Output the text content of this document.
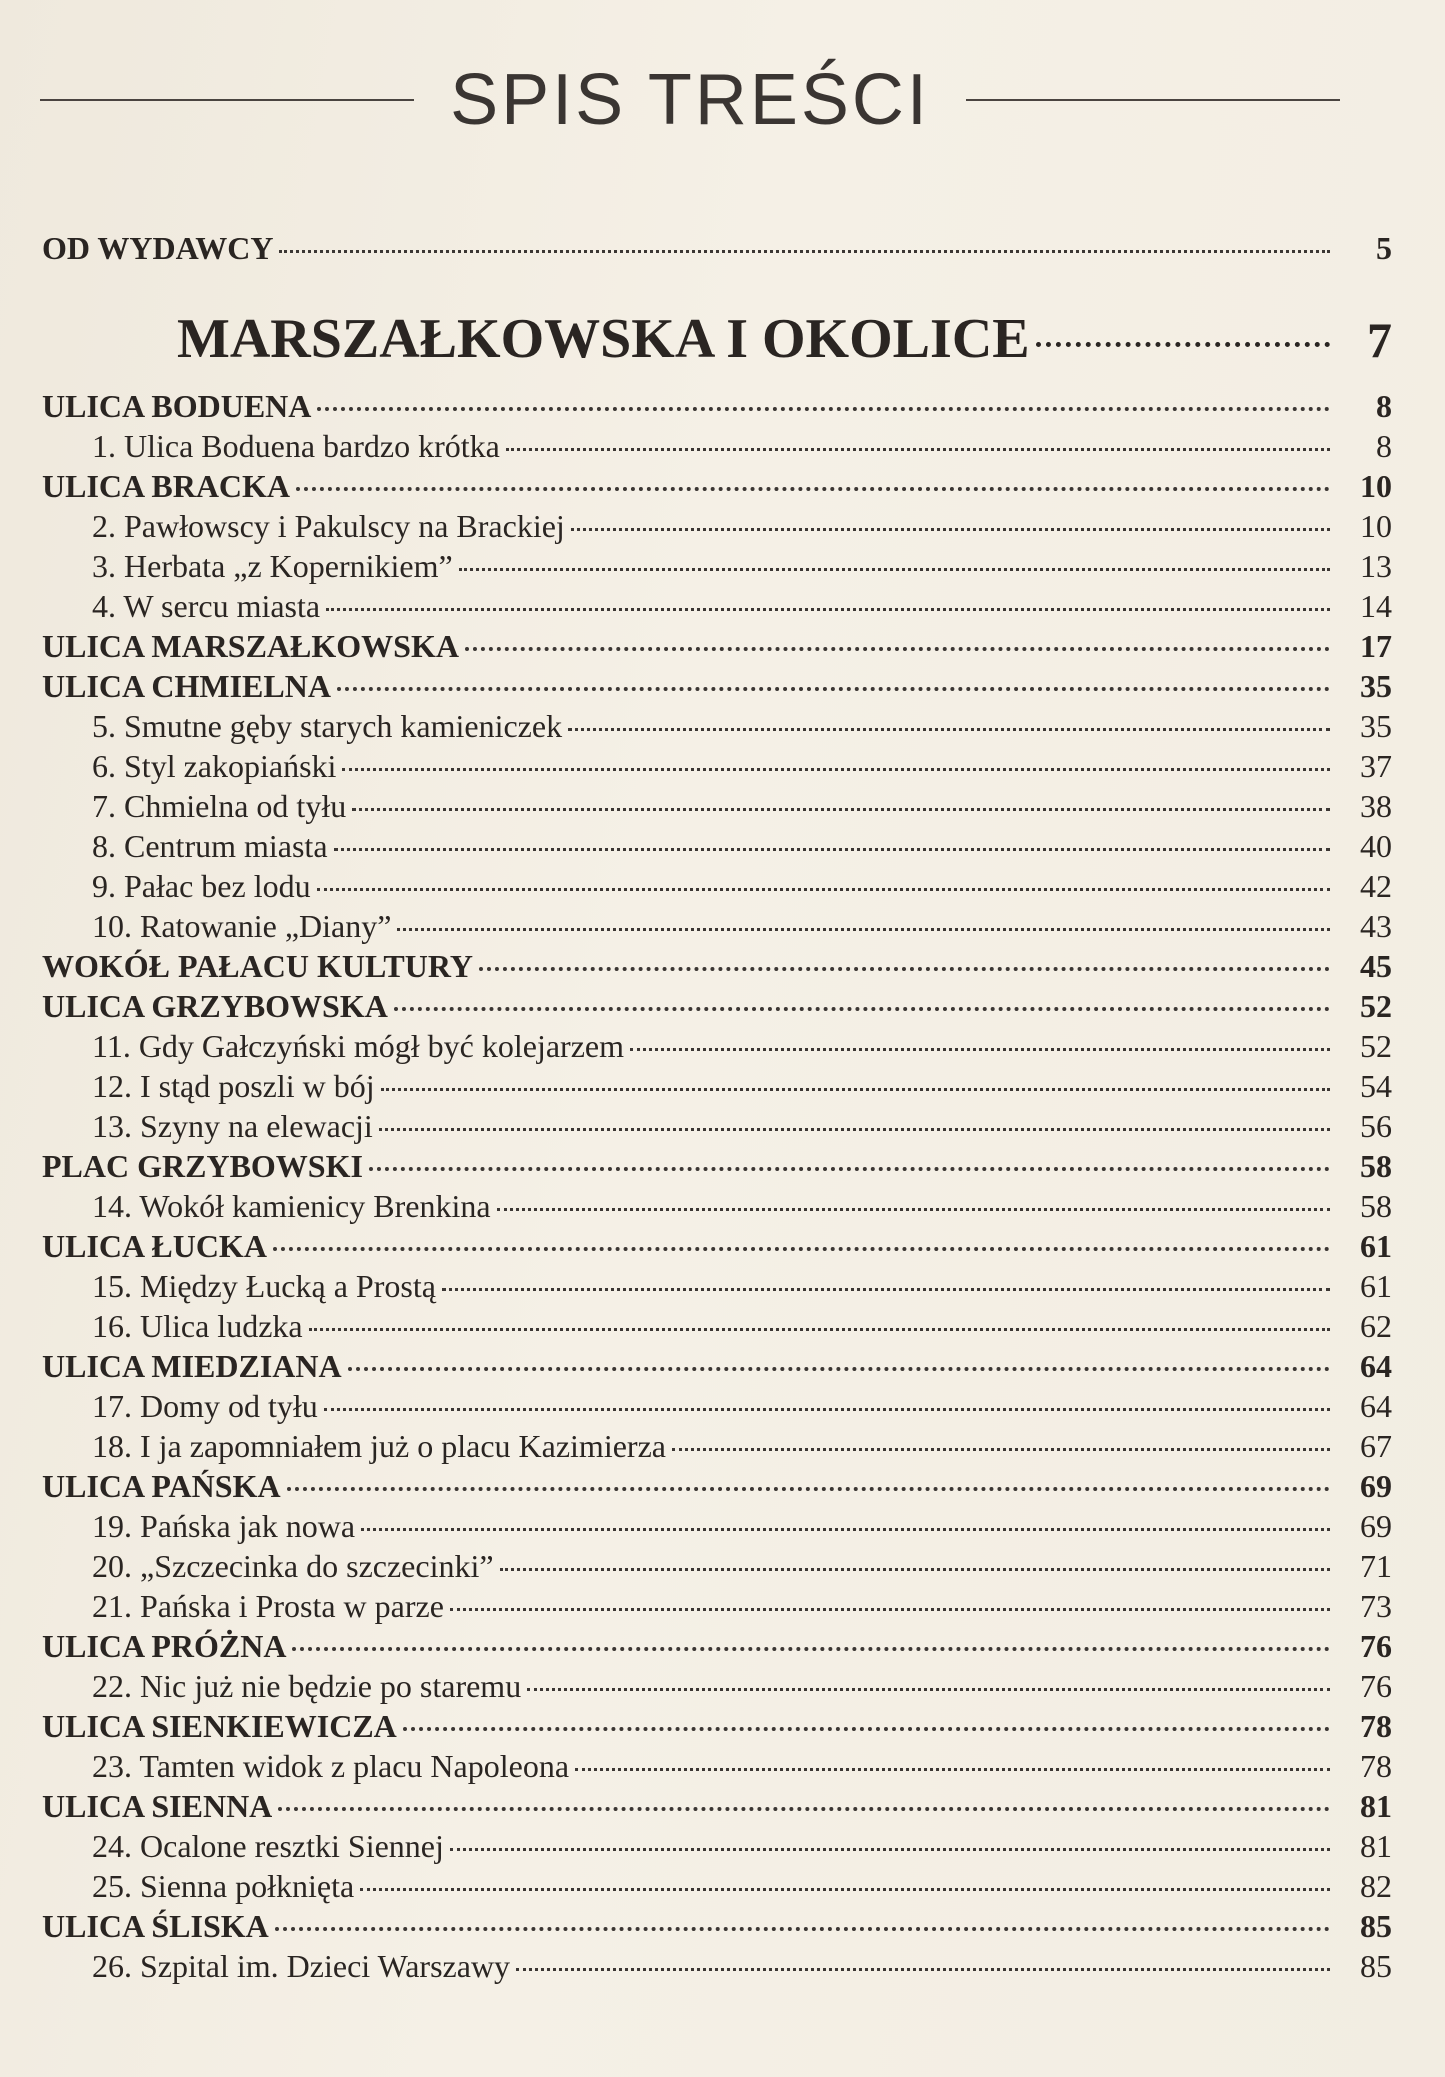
SPIS TREŚCI
OD WYDAWCY	5
MARSZAŁKOWSKA I OKOLICE	7
ULICA BODUENA	8
1. Ulica Boduena bardzo krótka	8
ULICA BRACKA	10
2. Pawłowscy i Pakulscy na Brackiej	10
3. Herbata „z Kopernikiem”	13
4. W sercu miasta	14
ULICA MARSZAŁKOWSKA	17
ULICA CHMIELNA	35
5. Smutne gęby starych kamieniczek	35
6. Styl zakopiański	37
7. Chmielna od tyłu	38
8. Centrum miasta	40
9. Pałac bez lodu	42
10. Ratowanie „Diany”	43
WOKÓŁ PAŁACU KULTURY	45
ULICA GRZYBOWSKA	52
11. Gdy Gałczyński mógł być kolejarzem	52
12. I stąd poszli w bój	54
13. Szyny na elewacji	56
PLAC GRZYBOWSKI	58
14. Wokół kamienicy Brenkina	58
ULICA ŁUCKA	61
15. Między Łucką a Prostą	61
16. Ulica ludzka	62
ULICA MIEDZIANA	64
17. Domy od tyłu	64
18. I ja zapomniałem już o placu Kazimierza	67
ULICA PAŃSKA	69
19. Pańska jak nowa	69
20. „Szczecinka do szczecinki”	71
21. Pańska i Prosta w parze	73
ULICA PRÓŻNA	76
22. Nic już nie będzie po staremu	76
ULICA SIENKIEWICZA	78
23. Tamten widok z placu Napoleona	78
ULICA SIENNA	81
24. Ocalone resztki Siennej	81
25. Sienna połknięta	82
ULICA ŚLISKA	85
26. Szpital im. Dzieci Warszawy	85
